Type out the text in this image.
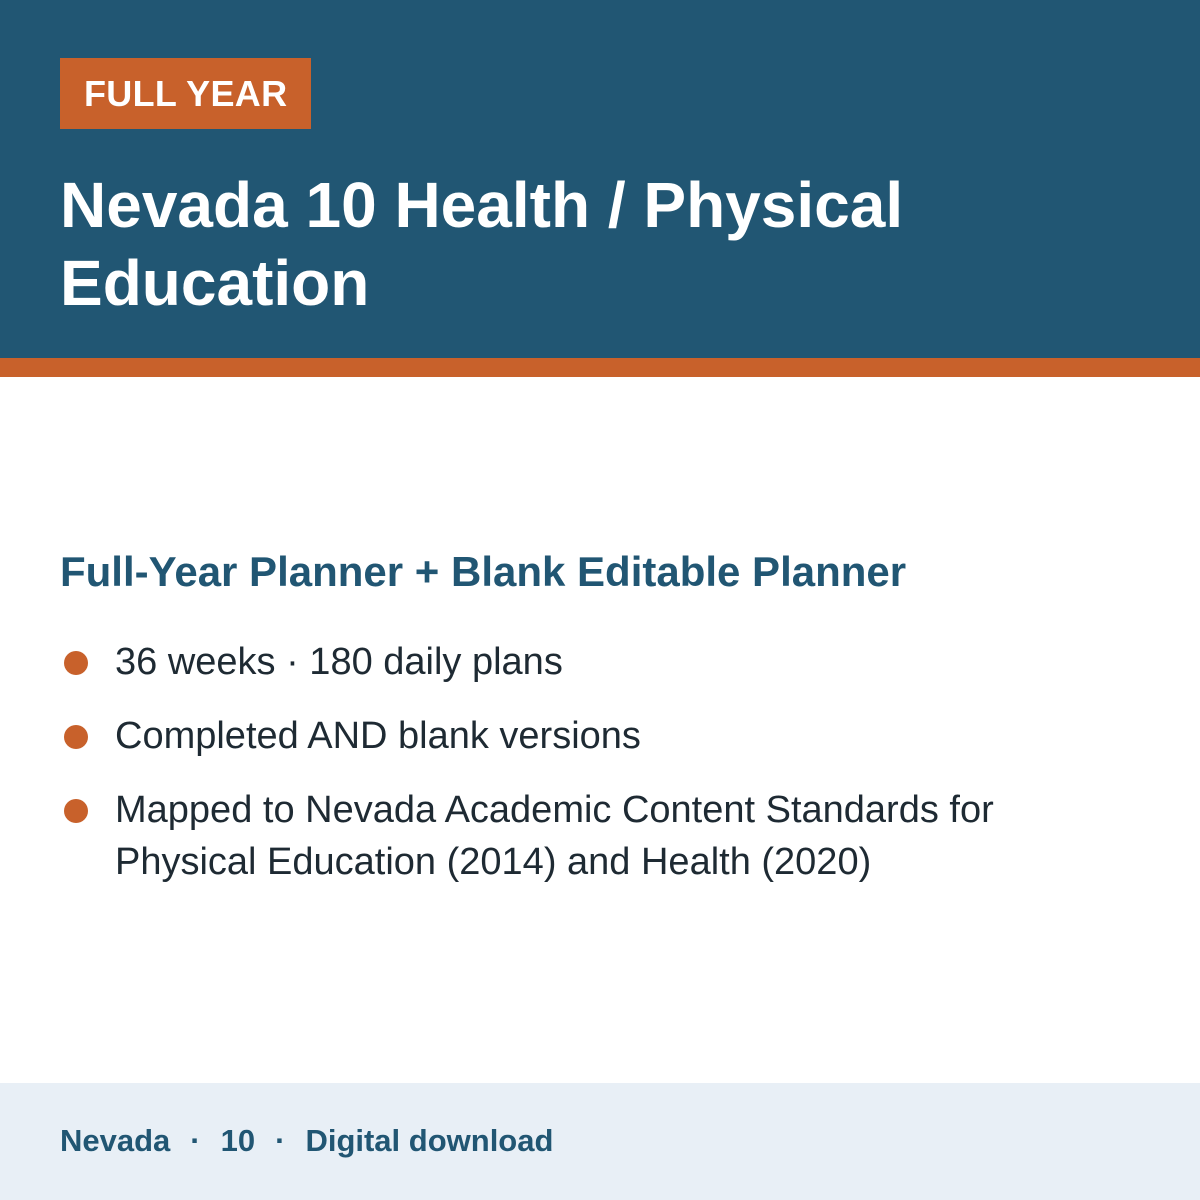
FULL YEAR
Nevada 10 Health / Physical Education
Full-Year Planner + Blank Editable Planner
36 weeks · 180 daily plans
Completed AND blank versions
Mapped to Nevada Academic Content Standards for Physical Education (2014) and Health (2020)
Nevada · 10 · Digital download
